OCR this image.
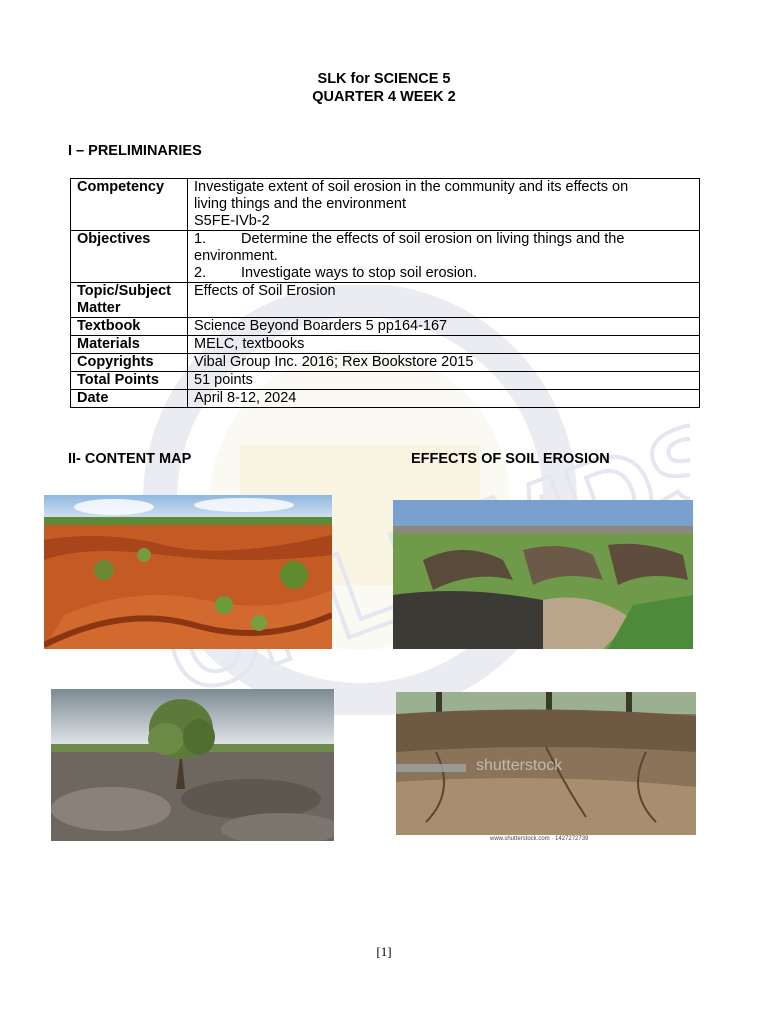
SLK for SCIENCE 5
QUARTER 4 WEEK 2
I – PRELIMINARIES
Competency	Investigate extent of soil erosion in the community and its effects on
living things and the environment
S5FE-IVb-2

Objectives	1. Determine the effects of soil erosion on living things and the
environment.
2. Investigate ways to stop soil erosion.

Topic/Subject
Matter	Effects of Soil Erosion
Textbook	Science Beyond Boarders 5 pp164-167
Materials	MELC, textbooks
Copyrights	Vibal Group Inc. 2016; Rex Bookstore 2015
Total Points	51 points
Date	April 8-12, 2024
II- CONTENT MAP	EFFECTS OF SOIL EROSION
shutterstock
www.shutterstock.com · 1427272739
[1]
